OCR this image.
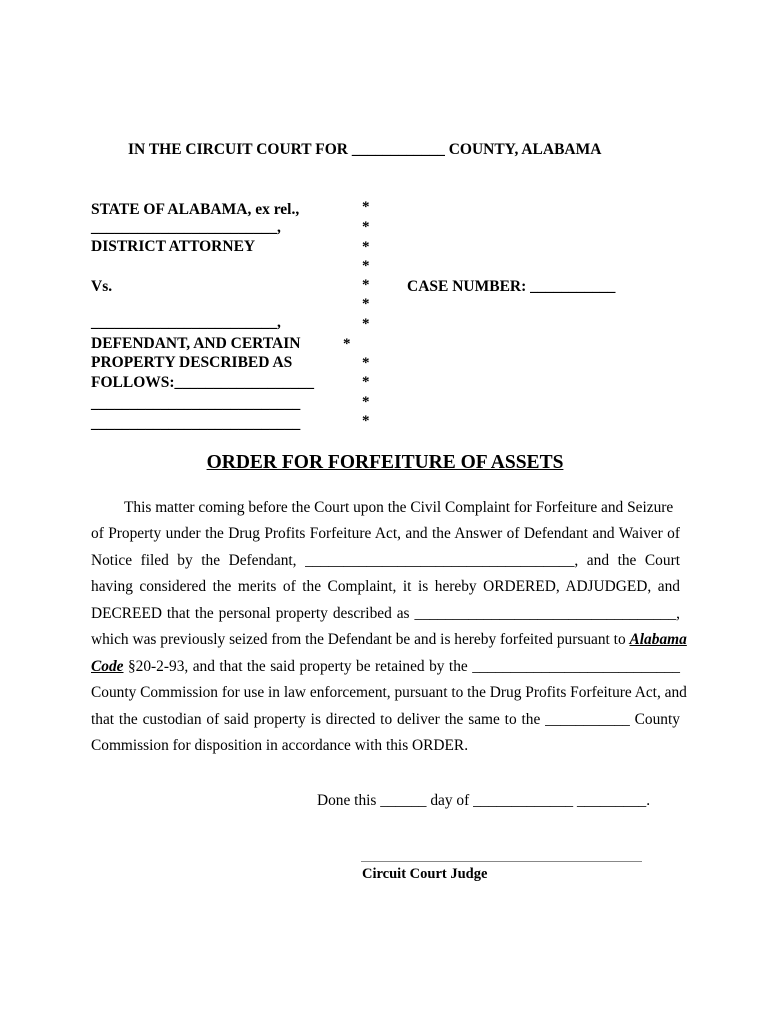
IN THE CIRCUIT COURT FOR ____________ COUNTY, ALABAMA
STATE OF ALABAMA, ex rel.,
________________________,
DISTRICT ATTORNEY
Vs.
________________________,
DEFENDANT, AND CERTAIN
PROPERTY DESCRIBED AS
FOLLOWS:__________________
___________________________
___________________________
*
*
*
*
*
*
*
*
*
*
*
*
CASE NUMBER: ___________
ORDER FOR FORFEITURE OF ASSETS
This matter coming before the Court upon the Civil Complaint for Forfeiture and Seizure
of Property under the Drug Profits Forfeiture Act, and the Answer of Defendant and Waiver of
Notice filed by the Defendant, ___________________________________, and the Court
having considered the merits of the Complaint, it is hereby ORDERED, ADJUDGED, and
DECREED that the personal property described as __________________________________,
which was previously seized from the Defendant be and is hereby forfeited pursuant to Alabama
Code §20-2-93, and that the said property be retained by the ___________________________
County Commission for use in law enforcement, pursuant to the Drug Profits Forfeiture Act, and
that the custodian of said property is directed to deliver the same to the ___________ County
Commission for disposition in accordance with this ORDER.
Done this ______ day of _____________ _________.
Circuit Court Judge
